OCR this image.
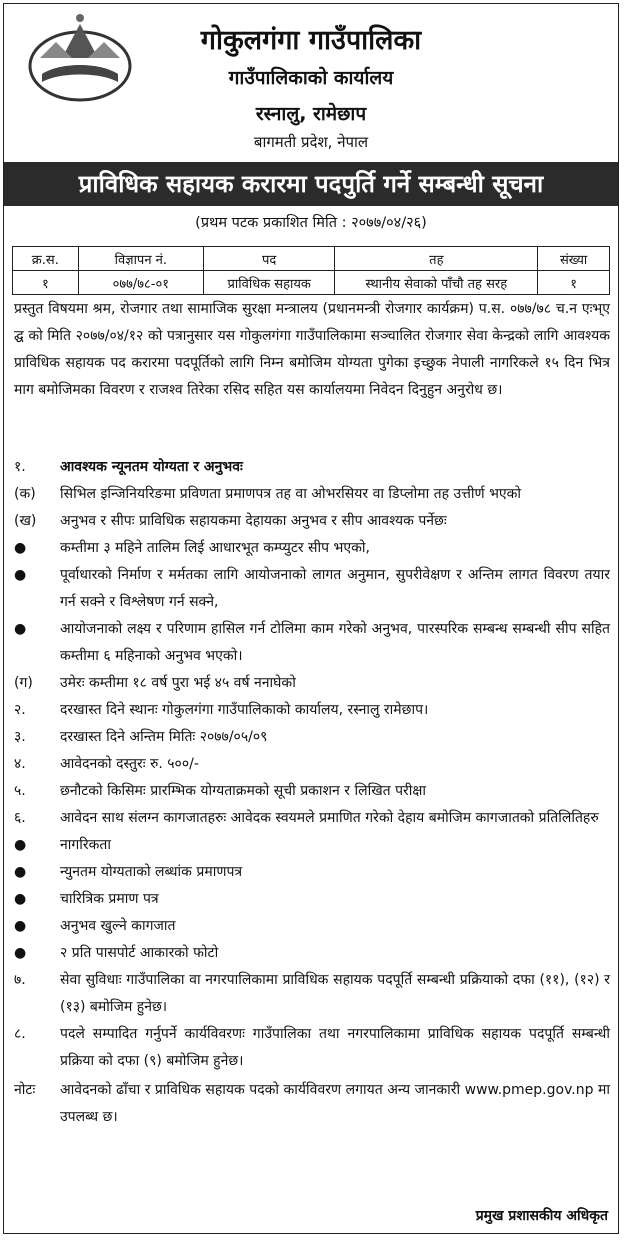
गोकुलगंगा गाउँपालिका
गाउँपालिकाको कार्यालय
रस्नालु, रामेछाप
बागमती प्रदेश, नेपाल
प्राविधिक सहायक करारमा पदपुर्ति गर्ने सम्बन्धी सूचना
(प्रथम पटक प्रकाशित मिति : २०७७/०४/२६)
क्र.स.	विज्ञापन नं.	पद	तह	संख्या
१	०७७/७८-०१	प्राविधिक सहायक	स्थानीय सेवाको पाँचौ तह सरह	१
प्रस्तुत विषयमा श्रम, रोजगार तथा सामाजिक सुरक्षा मन्त्रालय (प्रधानमन्त्री रोजगार कार्यक्रम) प.स. ०७७/७८ च.न एःभ्ए द्घ को मिति २०७७/०४/१२ को पत्रानुसार यस गोकुलगंगा गाउँपालिकामा सञ्चालित रोजगार सेवा केन्द्रको लागि आवश्यक प्राविधिक सहायक पद करारमा पदपूर्तिको लागि निम्न बमोजिम योग्यता पुगेका इच्छुक नेपाली नागरिकले १५ दिन भित्र माग बमोजिमका विवरण र राजश्व तिरेका रसिद सहित यस कार्यालयमा निवेदन दिनुहुन अनुरोध छ।
१.	आवश्यक न्यूनतम योग्यता र अनुभवः
(क)	सिभिल इन्जिनियरिङमा प्रविणता प्रमाणपत्र तह वा ओभरसियर वा डिप्लोमा तह उत्तीर्ण भएको
(ख)	अनुभव र सीपः प्राविधिक सहायकमा देहायका अनुभव र सीप आवश्यक पर्नेछः
●	कम्तीमा ३ महिने तालिम लिई आधारभूत कम्प्युटर सीप भएको,
●	पूर्वाधारको निर्माण र मर्मतका लागि आयोजनाको लागत अनुमान, सुपरीवेक्षण र अन्तिम लागत विवरण तयार गर्न सक्ने र विश्लेषण गर्न सक्ने,
●	आयोजनाको लक्ष्य र परिणाम हासिल गर्न टोलिमा काम गरेको अनुभव, पारस्परिक सम्बन्ध सम्बन्धी सीप सहित कम्तीमा ६ महिनाको अनुभव भएको।
(ग)	उमेरः कम्तीमा १८ वर्ष पुरा भई ४५ वर्ष ननाघेको
२.	दरखास्त दिने स्थानः गोकुलगंगा गाउँपालिकाको कार्यालय, रस्नालु रामेछाप।
३.	दरखास्त दिने अन्तिम मितिः २०७७/०५/०९
४.	आवेदनको दस्तुरः रु. ५००/-
५.	छनौटको किसिमः प्रारम्भिक योग्यताक्रमको सूची प्रकाशन र लिखित परीक्षा
६.	आवेदन साथ संलग्न कागजातहरुः आवेदक स्वयमले प्रमाणित गरेको देहाय बमोजिम कागजातको प्रतिलितिहरु
●	नागरिकता
●	न्युनतम योग्यताको लब्धांक प्रमाणपत्र
●	चारित्रिक प्रमाण पत्र
●	अनुभव खुल्ने कागजात
●	२ प्रति पासपोर्ट आकारको फोटो
७.	सेवा सुविधाः गाउँपालिका वा नगरपालिकामा प्राविधिक सहायक पदपूर्ति सम्बन्धी प्रक्रियाको दफा (११), (१२) र (१३) बमोजिम हुनेछ।
८.	पदले सम्पादित गर्नुपर्ने कार्यविवरणः गाउँपालिका तथा नगरपालिकामा प्राविधिक सहायक पदपूर्ति सम्बन्धी प्रक्रिया को दफा (९) बमोजिम हुनेछ।
नोटः	आवेदनको ढाँचा र प्राविधिक सहायक पदको कार्यविवरण लगायत अन्य जानकारी www.pmep.gov.np मा उपलब्ध छ।
प्रमुख प्रशासकीय अधिकृत
